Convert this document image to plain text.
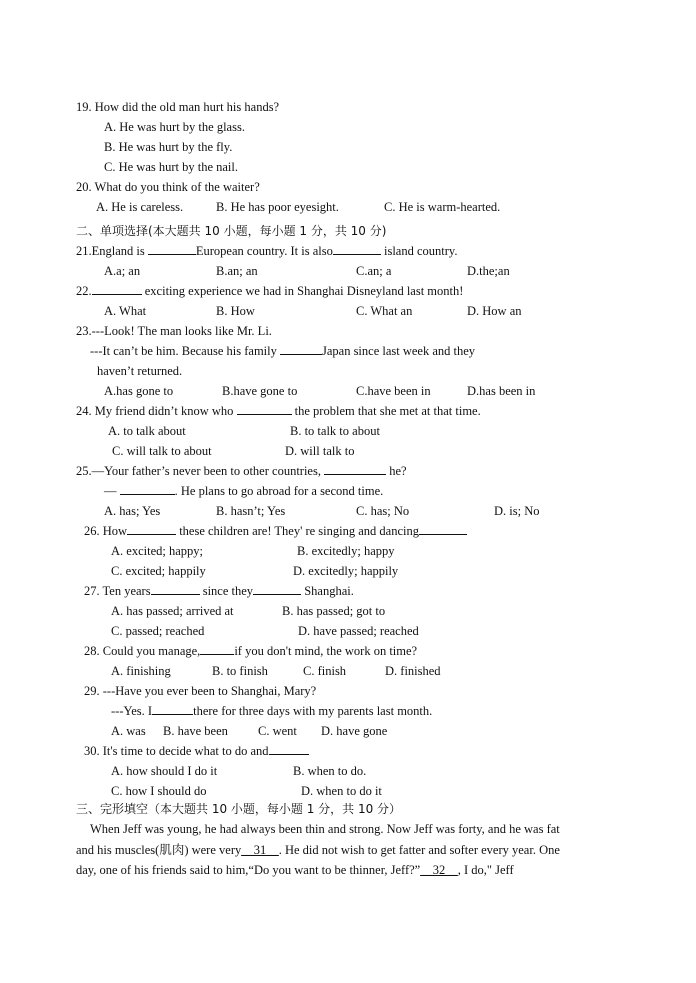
19. How did the old man hurt his hands?
A. He was hurt by the glass.
B. He was hurt by the fly.
C. He was hurt by the nail.
20. What do you think of the waiter?
A. He is careless.	B. He has poor eyesight.	C. He is warm-hearted.
二、单项选择(本大题共 10 小题，每小题 1 分，共 10 分)
21.England is	European country. It is also	island country.
A.a; an	B.an; an	C.an; a	D.the;an
22.	exciting experience we had in Shanghai Disneyland last month!
A. What	B. How	C. What an	D. How an
23.---Look! The man looks like Mr. Li.
---It can’t be him. Because his family	Japan since last week and they
haven’t returned.
A.has gone to	B.have gone to	C.have been in	D.has been in
24. My friend didn’t know who	the problem that she met at that time.
A. to talk about	B. to talk to about
C. will talk to about	D. will talk to
25.—Your father’s never been to other countries,	he?
—	. He plans to go abroad for a second time.
A. has; Yes	B. hasn’t; Yes	C. has; No	D. is; No
26. How	these children are! They' re singing and dancing
A. excited; happy;	B. excitedly; happy
C. excited; happily	D. excitedly; happily
27. Ten years	since they	Shanghai.
A. has passed; arrived at	B. has passed; got to
C. passed; reached	D. have passed; reached
28. Could you manage,	if you don't mind, the work on time?
A. finishing	B. to finish	C. finish	D. finished
29. ---Have you ever been to Shanghai, Mary?
---Yes. I	there for three days with my parents last month.
A. was B. have been C. went D. have gone
30. It's time to decide what to do and
A. how should I do it	B. when to do.
C. how I should do	D. when to do it
三、完形填空（本大题共 10 小题，每小题 1 分，共 10 分）
When Jeff was young, he had always been thin and strong. Now Jeff was forty, and he was fat
and his muscles(肌肉) were very__31__. He did not wish to get fatter and softer every year. One
day, one of his friends said to him,“Do you want to be thinner, Jeff?”__32__, I do," Jeff
